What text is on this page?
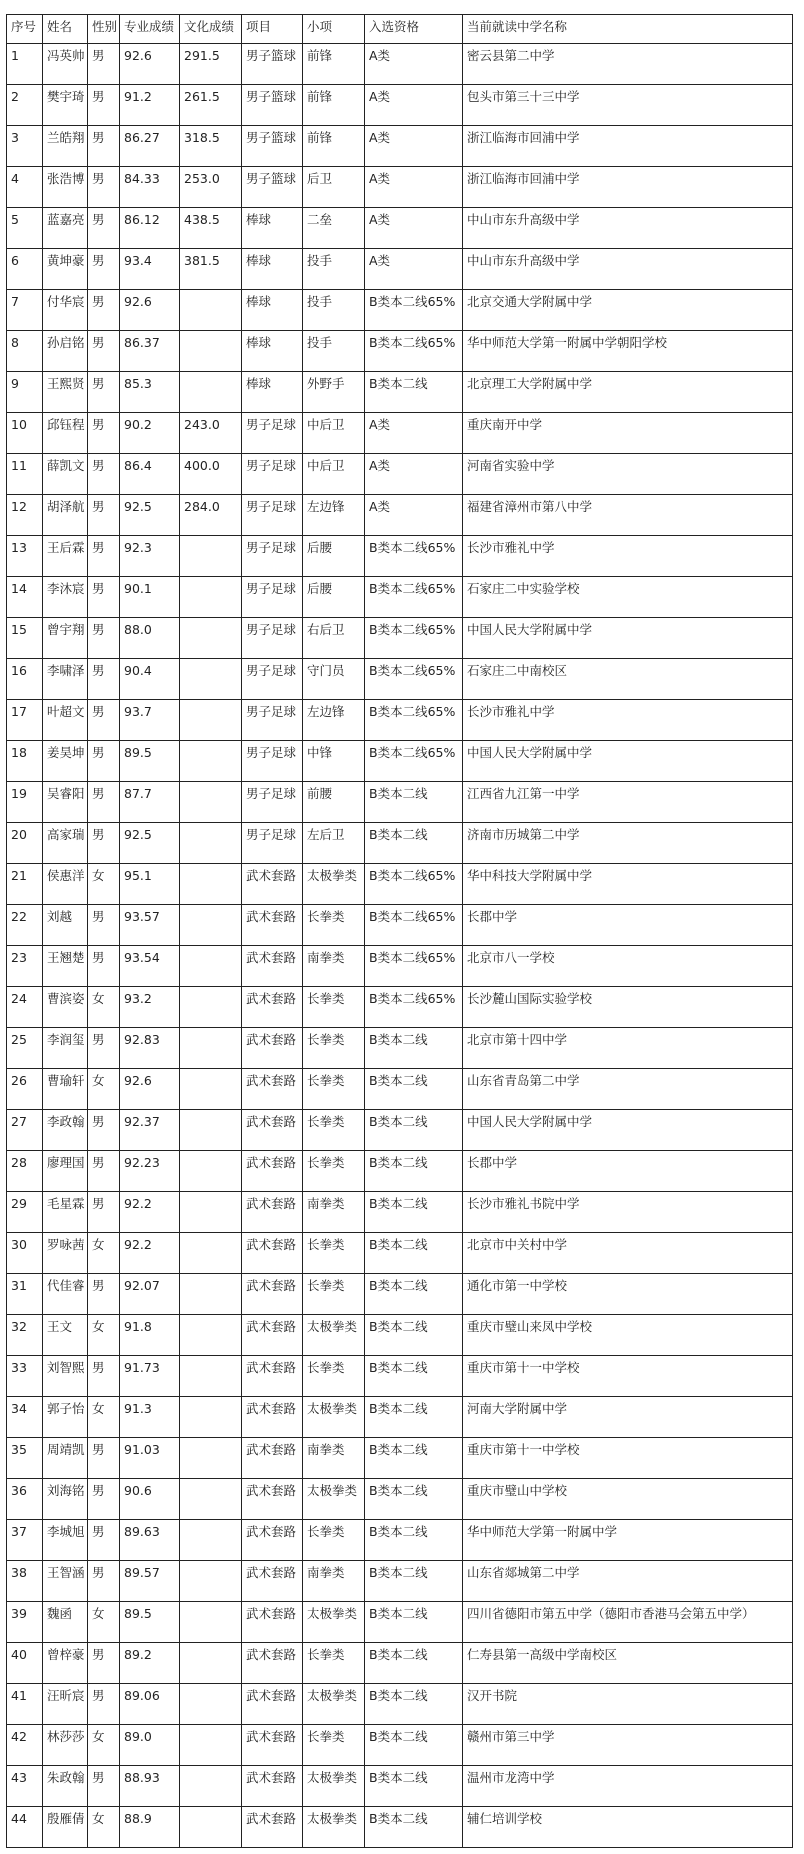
序号	姓名	性别	专业成绩	文化成绩	项目	小项	入选资格	当前就读中学名称
1	冯英帅	男	92.6	291.5	男子篮球	前锋	A类	密云县第二中学
2	樊宇琦	男	91.2	261.5	男子篮球	前锋	A类	包头市第三十三中学
3	兰皓翔	男	86.27	318.5	男子篮球	前锋	A类	浙江临海市回浦中学
4	张浩博	男	84.33	253.0	男子篮球	后卫	A类	浙江临海市回浦中学
5	蓝嘉亮	男	86.12	438.5	棒球	二垒	A类	中山市东升高级中学
6	黄坤豪	男	93.4	381.5	棒球	投手	A类	中山市东升高级中学
7	付华宸	男	92.6		棒球	投手	B类本二线65%	北京交通大学附属中学
8	孙启铭	男	86.37		棒球	投手	B类本二线65%	华中师范大学第一附属中学朝阳学校
9	王熙贤	男	85.3		棒球	外野手	B类本二线	北京理工大学附属中学
10	邱钰程	男	90.2	243.0	男子足球	中后卫	A类	重庆南开中学
11	薛凯文	男	86.4	400.0	男子足球	中后卫	A类	河南省实验中学
12	胡泽航	男	92.5	284.0	男子足球	左边锋	A类	福建省漳州市第八中学
13	王后霖	男	92.3		男子足球	后腰	B类本二线65%	长沙市雅礼中学
14	李沐宸	男	90.1		男子足球	后腰	B类本二线65%	石家庄二中实验学校
15	曾宇翔	男	88.0		男子足球	右后卫	B类本二线65%	中国人民大学附属中学
16	李啸泽	男	90.4		男子足球	守门员	B类本二线65%	石家庄二中南校区
17	叶超文	男	93.7		男子足球	左边锋	B类本二线65%	长沙市雅礼中学
18	姜昊坤	男	89.5		男子足球	中锋	B类本二线65%	中国人民大学附属中学
19	吴睿阳	男	87.7		男子足球	前腰	B类本二线	江西省九江第一中学
20	高家瑞	男	92.5		男子足球	左后卫	B类本二线	济南市历城第二中学
21	侯惠洋	女	95.1		武术套路	太极拳类	B类本二线65%	华中科技大学附属中学
22	刘越	男	93.57		武术套路	长拳类	B类本二线65%	长郡中学
23	王翘楚	男	93.54		武术套路	南拳类	B类本二线65%	北京市八一学校
24	曹滨姿	女	93.2		武术套路	长拳类	B类本二线65%	长沙麓山国际实验学校
25	李润玺	男	92.83		武术套路	长拳类	B类本二线	北京市第十四中学
26	曹瑜轩	女	92.6		武术套路	长拳类	B类本二线	山东省青岛第二中学
27	李政翰	男	92.37		武术套路	长拳类	B类本二线	中国人民大学附属中学
28	廖理国	男	92.23		武术套路	长拳类	B类本二线	长郡中学
29	毛星霖	男	92.2		武术套路	南拳类	B类本二线	长沙市雅礼书院中学
30	罗咏茜	女	92.2		武术套路	长拳类	B类本二线	北京市中关村中学
31	代佳睿	男	92.07		武术套路	长拳类	B类本二线	通化市第一中学校
32	王文	女	91.8		武术套路	太极拳类	B类本二线	重庆市璧山来凤中学校
33	刘智熙	男	91.73		武术套路	长拳类	B类本二线	重庆市第十一中学校
34	郭子怡	女	91.3		武术套路	太极拳类	B类本二线	河南大学附属中学
35	周靖凯	男	91.03		武术套路	南拳类	B类本二线	重庆市第十一中学校
36	刘海铭	男	90.6		武术套路	太极拳类	B类本二线	重庆市璧山中学校
37	李城旭	男	89.63		武术套路	长拳类	B类本二线	华中师范大学第一附属中学
38	王智涵	男	89.57		武术套路	南拳类	B类本二线	山东省郯城第二中学
39	魏函	女	89.5		武术套路	太极拳类	B类本二线	四川省德阳市第五中学（德阳市香港马会第五中学）
40	曾梓豪	男	89.2		武术套路	长拳类	B类本二线	仁寿县第一高级中学南校区
41	汪昕宸	男	89.06		武术套路	太极拳类	B类本二线	汉开书院
42	林莎莎	女	89.0		武术套路	长拳类	B类本二线	赣州市第三中学
43	朱政翰	男	88.93		武术套路	太极拳类	B类本二线	温州市龙湾中学
44	殷雁倩	女	88.9		武术套路	太极拳类	B类本二线	辅仁培训学校
